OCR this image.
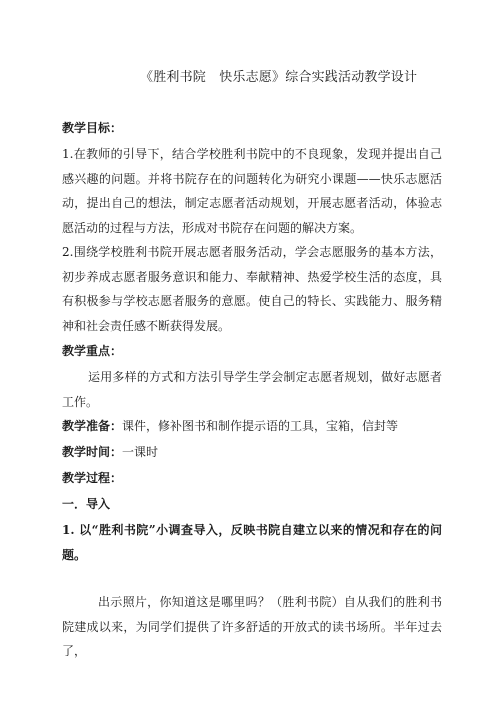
《胜利书院　快乐志愿》综合实践活动教学设计

教学目标：

1.在教师的引导下，结合学校胜利书院中的不良现象，发现并提出自己感兴趣的问题。并将书院存在的问题转化为研究小课题——快乐志愿活动，提出自己的想法，制定志愿者活动规划，开展志愿者活动，体验志愿活动的过程与方法，形成对书院存在问题的解决方案。

2.围绕学校胜利书院开展志愿者服务活动，学会志愿服务的基本方法，初步养成志愿者服务意识和能力、奉献精神、热爱学校生活的态度，具有积极参与学校志愿者服务的意愿。使自己的特长、实践能力、服务精神和社会责任感不断获得发展。

教学重点：

运用多样的方式和方法引导学生学会制定志愿者规划，做好志愿者工作。

教学准备：课件，修补图书和制作提示语的工具，宝箱，信封等

教学时间：一课时

教学过程：

一．导入

1. 以“胜利书院”小调查导入，反映书院自建立以来的情况和存在的问题。

出示照片，你知道这是哪里吗？（胜利书院）自从我们的胜利书院建成以来，为同学们提供了许多舒适的开放式的读书场所。半年过去了，
